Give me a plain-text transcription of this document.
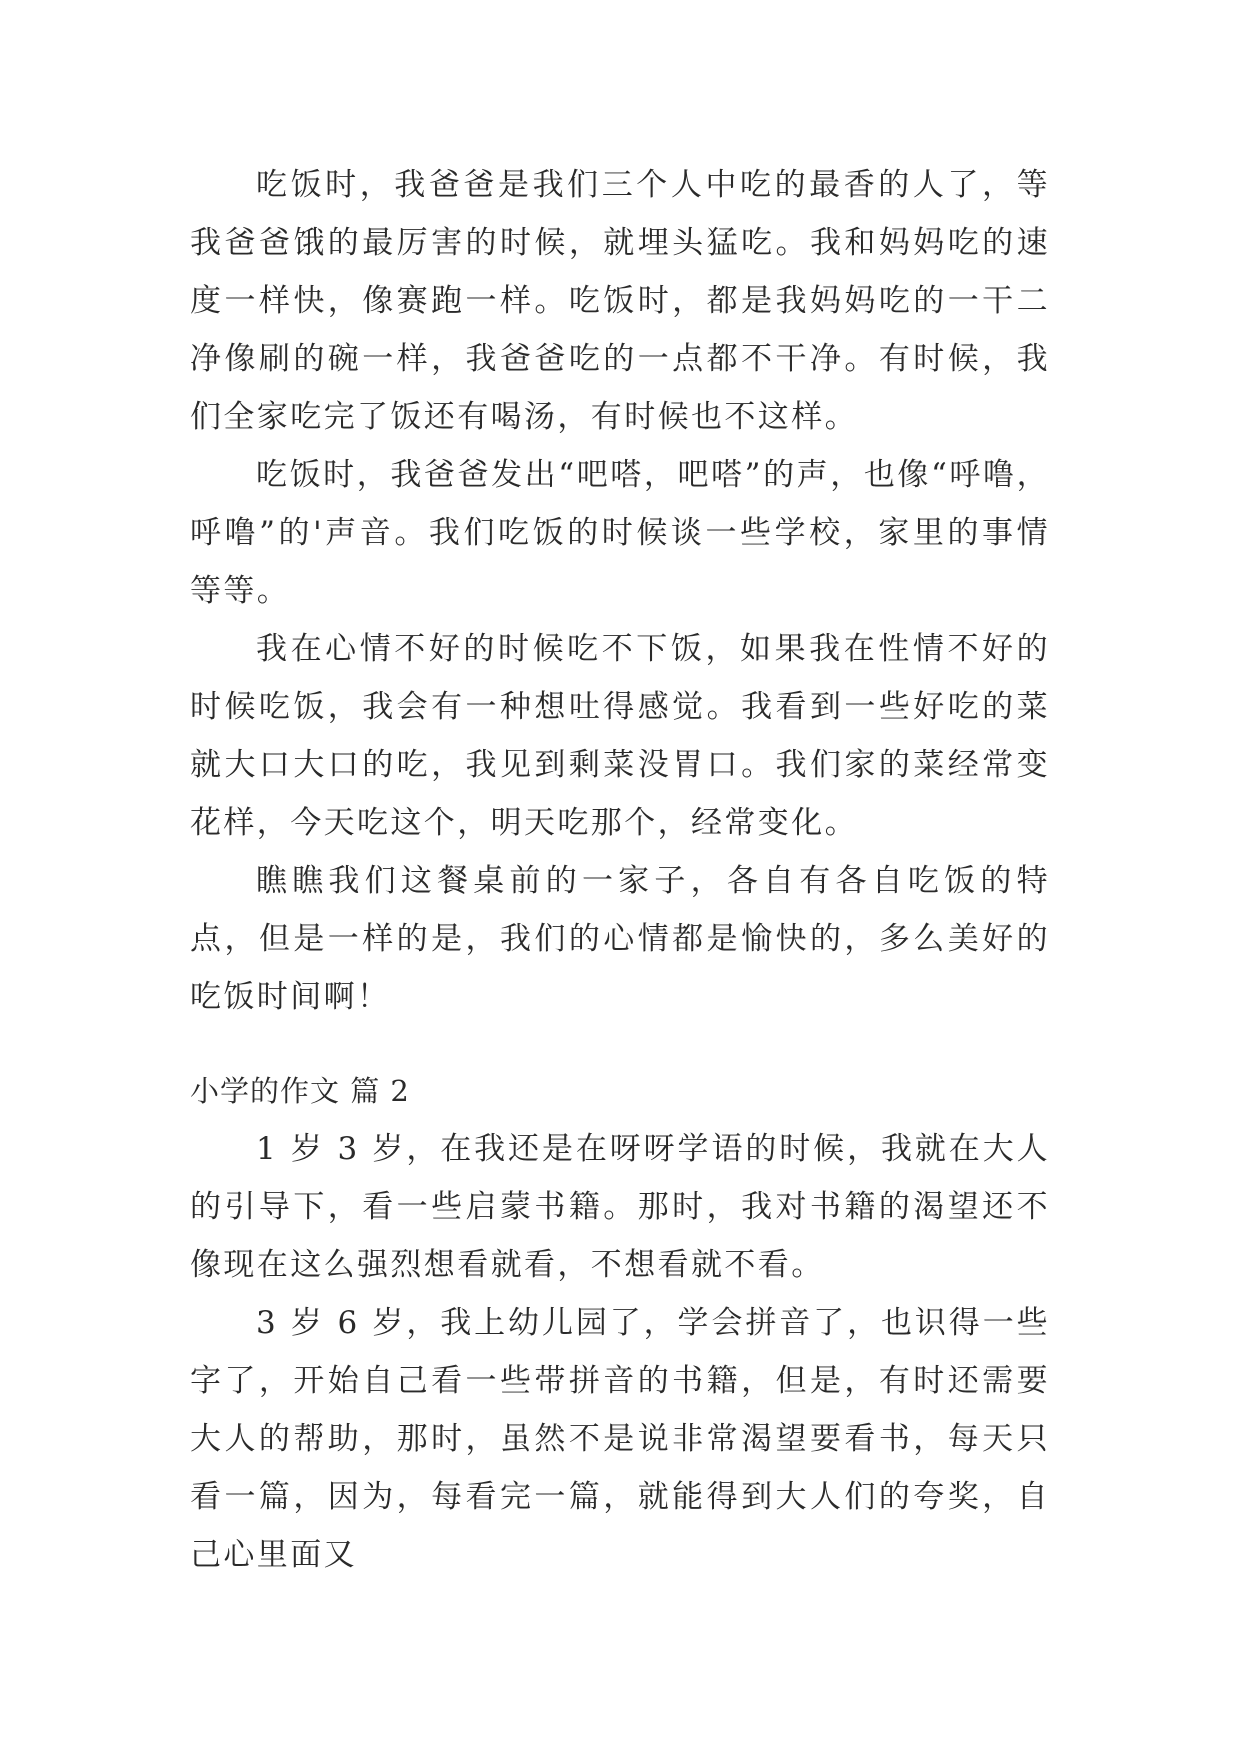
吃饭时，我爸爸是我们三个人中吃的最香的人了，等我爸爸饿的最厉害的时候，就埋头猛吃。我和妈妈吃的速度一样快，像赛跑一样。吃饭时，都是我妈妈吃的一干二净像刷的碗一样，我爸爸吃的一点都不干净。有时候，我们全家吃完了饭还有喝汤，有时候也不这样。

吃饭时，我爸爸发出“吧嗒，吧嗒”的声，也像“呼噜，呼噜”的'声音。我们吃饭的时候谈一些学校，家里的事情等等。

我在心情不好的时候吃不下饭，如果我在性情不好的时候吃饭，我会有一种想吐得感觉。我看到一些好吃的菜就大口大口的吃，我见到剩菜没胃口。我们家的菜经常变花样，今天吃这个，明天吃那个，经常变化。

瞧瞧我们这餐桌前的一家子，各自有各自吃饭的特点，但是一样的是，我们的心情都是愉快的，多么美好的吃饭时间啊！

小学的作文 篇 2

1 岁 3 岁，在我还是在呀呀学语的时候，我就在大人的引导下，看一些启蒙书籍。那时，我对书籍的渴望还不像现在这么强烈想看就看，不想看就不看。

3 岁 6 岁，我上幼儿园了，学会拼音了，也识得一些字了，开始自己看一些带拼音的书籍，但是，有时还需要大人的帮助，那时，虽然不是说非常渴望要看书，每天只看一篇，因为，每看完一篇，就能得到大人们的夸奖，自己心里面又
